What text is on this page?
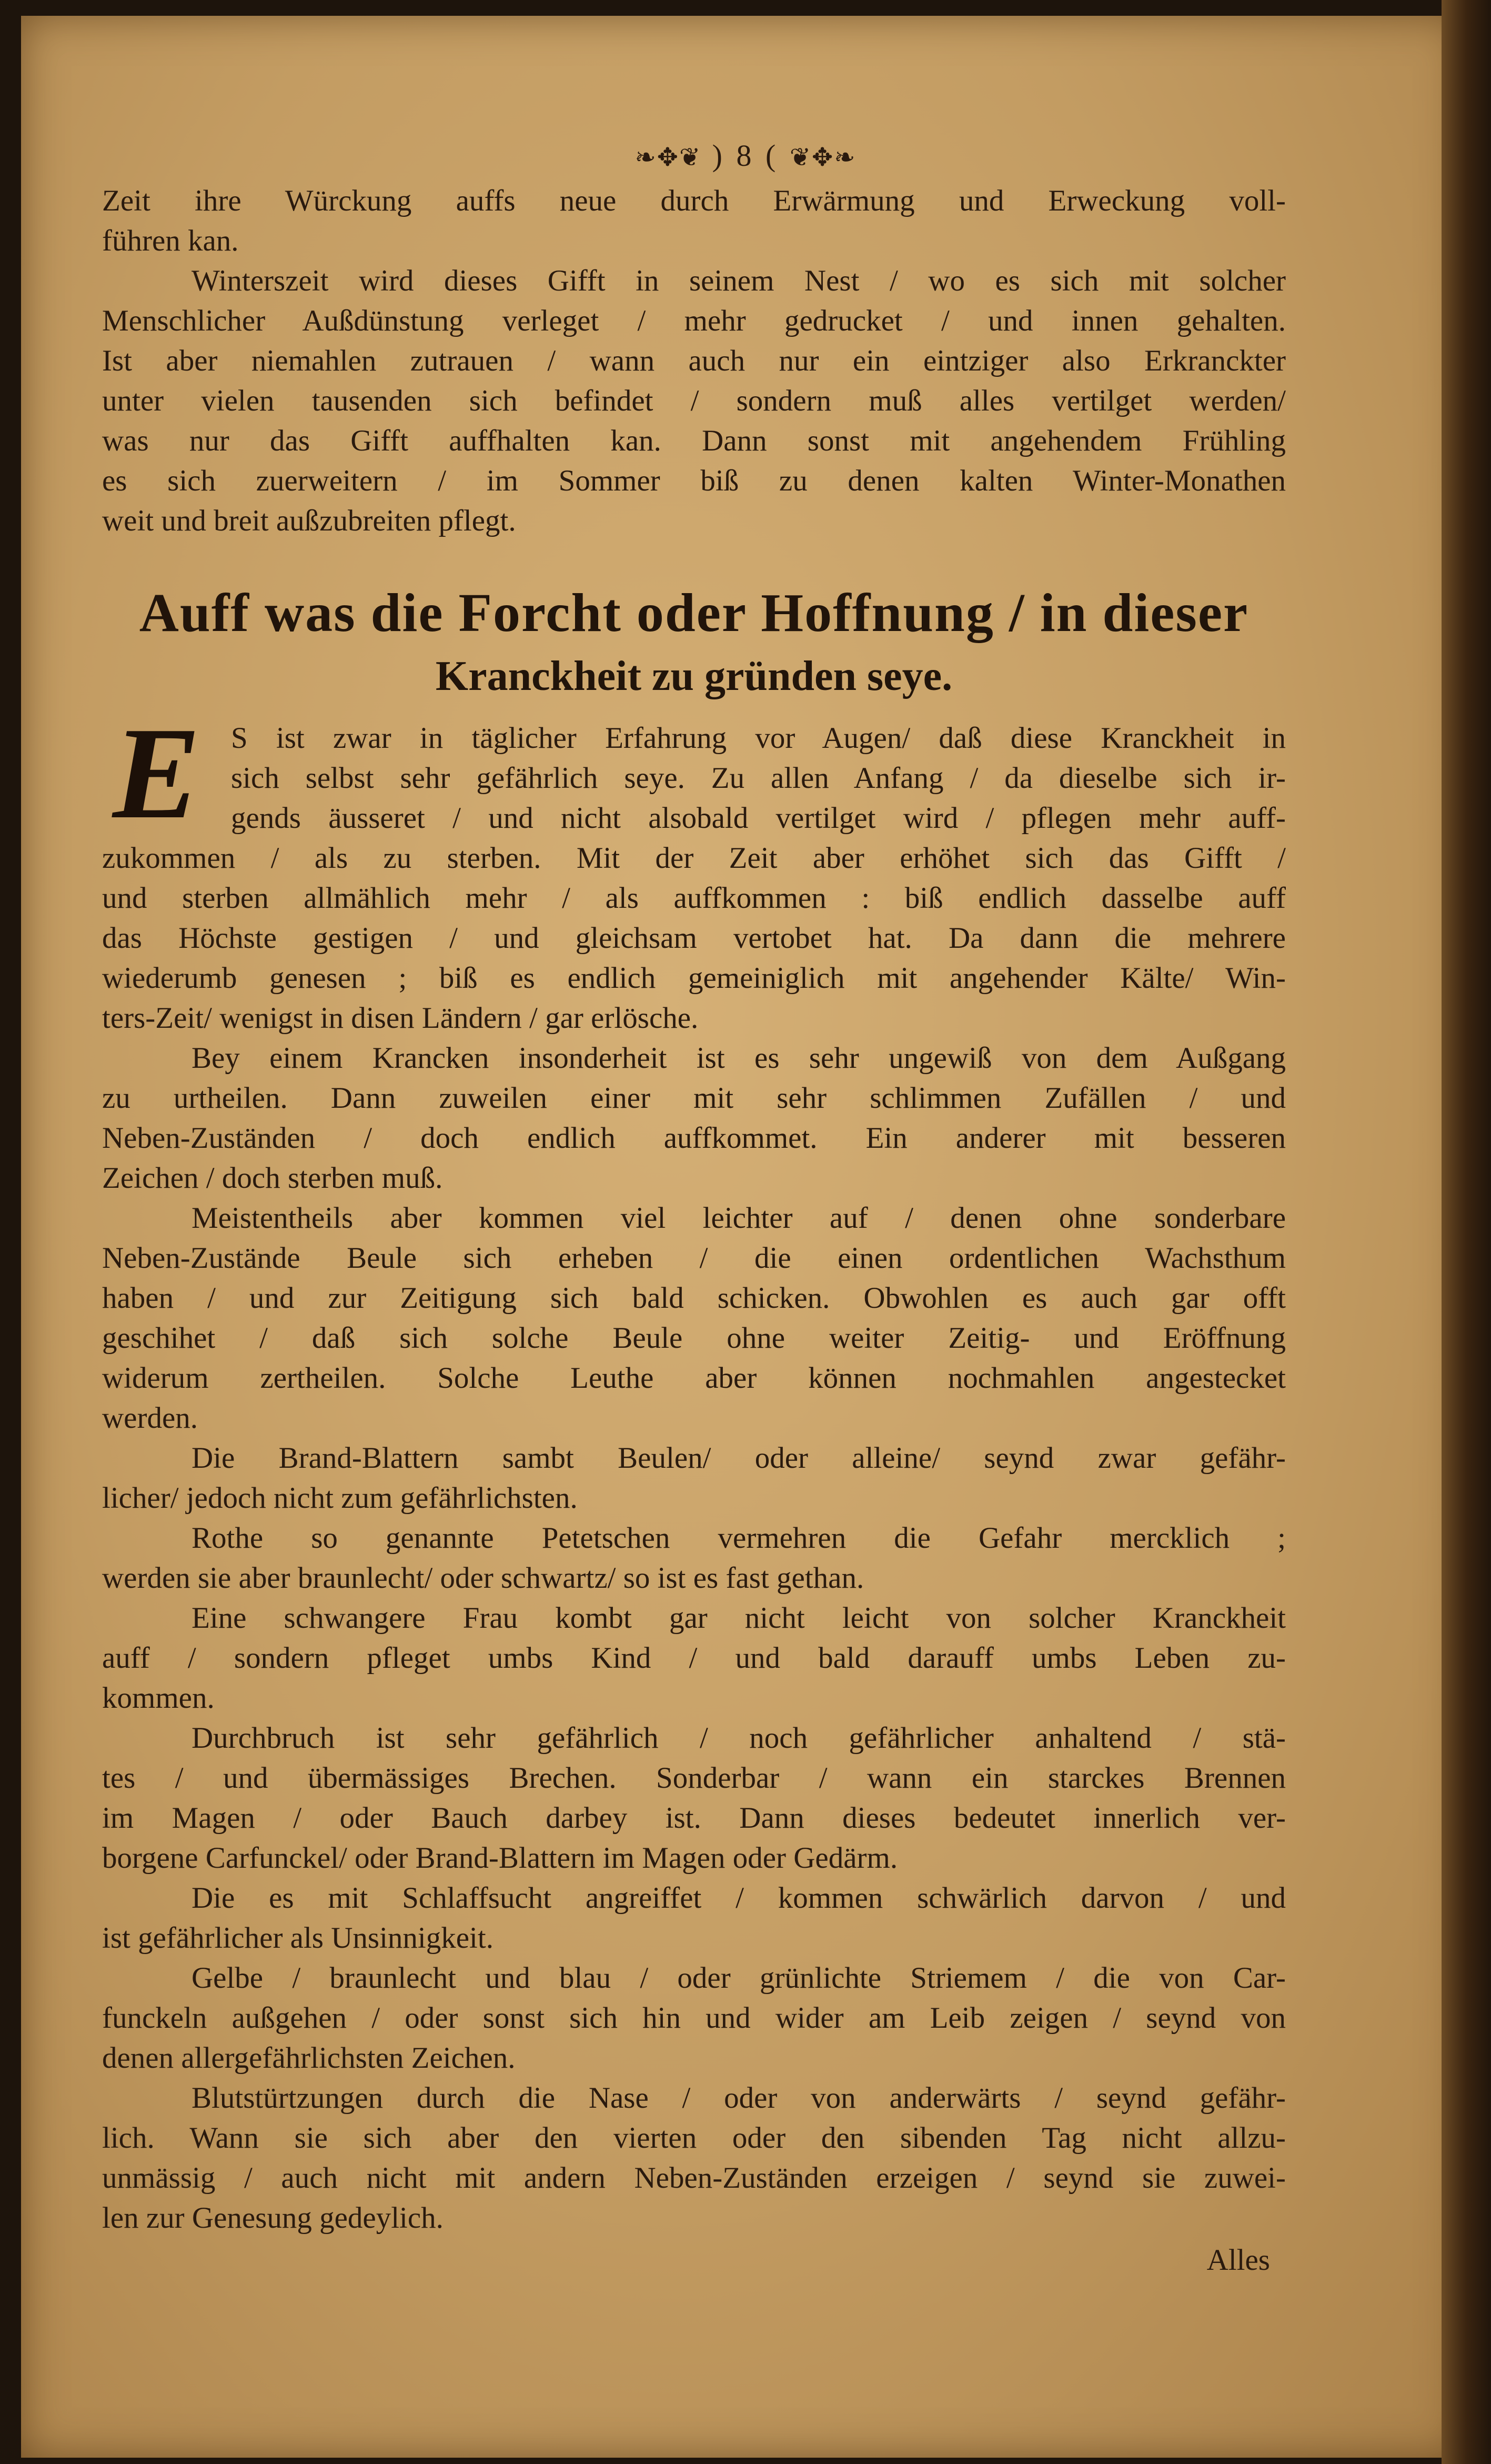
❧✥❦ ) 8 ( ❦✥❧
Zeit ihre Würckung auffs neue durch Erwärmung und Erweckung voll-
führen kan.
Winterszeit wird dieses Gifft in seinem Nest / wo es sich mit solcher
Menschlicher Außdünstung verleget / mehr gedrucket / und innen gehalten.
Ist aber niemahlen zutrauen / wann auch nur ein eintziger also Erkranckter
unter vielen tausenden sich befindet / sondern muß alles vertilget werden/
was nur das Gifft auffhalten kan. Dann sonst mit angehendem Frühling
es sich zuerweitern / im Sommer biß zu denen kalten Winter-Monathen
weit und breit außzubreiten pflegt.
Auff was die Forcht oder Hoffnung / in dieser
Kranckheit zu gründen seye.
E	S ist zwar in täglicher Erfahrung vor Augen/ daß diese Kranckheit in
sich selbst sehr gefährlich seye. Zu allen Anfang / da dieselbe sich ir-
gends äusseret / und nicht alsobald vertilget wird / pflegen mehr auff-
zukommen / als zu sterben. Mit der Zeit aber erhöhet sich das Gifft /
und sterben allmählich mehr / als auffkommen : biß endlich dasselbe auff
das Höchste gestigen / und gleichsam vertobet hat. Da dann die mehrere
wiederumb genesen ; biß es endlich gemeiniglich mit angehender Kälte/ Win-
ters-Zeit/ wenigst in disen Ländern / gar erlösche.
Bey einem Krancken insonderheit ist es sehr ungewiß von dem Außgang
zu urtheilen. Dann zuweilen einer mit sehr schlimmen Zufällen / und
Neben-Zuständen / doch endlich auffkommet. Ein anderer mit besseren
Zeichen / doch sterben muß.
Meistentheils aber kommen viel leichter auf / denen ohne sonderbare
Neben-Zustände Beule sich erheben / die einen ordentlichen Wachsthum
haben / und zur Zeitigung sich bald schicken. Obwohlen es auch gar offt
geschihet / daß sich solche Beule ohne weiter Zeitig- und Eröffnung
widerum zertheilen. Solche Leuthe aber können nochmahlen angestecket
werden.
Die Brand-Blattern sambt Beulen/ oder alleine/ seynd zwar gefähr-
licher/ jedoch nicht zum gefährlichsten.
Rothe so genannte Petetschen vermehren die Gefahr mercklich ;
werden sie aber braunlecht/ oder schwartz/ so ist es fast gethan.
Eine schwangere Frau kombt gar nicht leicht von solcher Kranckheit
auff / sondern pfleget umbs Kind / und bald darauff umbs Leben zu-
kommen.
Durchbruch ist sehr gefährlich / noch gefährlicher anhaltend / stä-
tes / und übermässiges Brechen. Sonderbar / wann ein starckes Brennen
im Magen / oder Bauch darbey ist. Dann dieses bedeutet innerlich ver-
borgene Carfunckel/ oder Brand-Blattern im Magen oder Gedärm.
Die es mit Schlaffsucht angreiffet / kommen schwärlich darvon / und
ist gefährlicher als Unsinnigkeit.
Gelbe / braunlecht und blau / oder grünlichte Striemem / die von Car-
funckeln außgehen / oder sonst sich hin und wider am Leib zeigen / seynd von
denen allergefährlichsten Zeichen.
Blutstürtzungen durch die Nase / oder von anderwärts / seynd gefähr-
lich. Wann sie sich aber den vierten oder den sibenden Tag nicht allzu-
unmässig / auch nicht mit andern Neben-Zuständen erzeigen / seynd sie zuwei-
len zur Genesung gedeylich.
Alles
